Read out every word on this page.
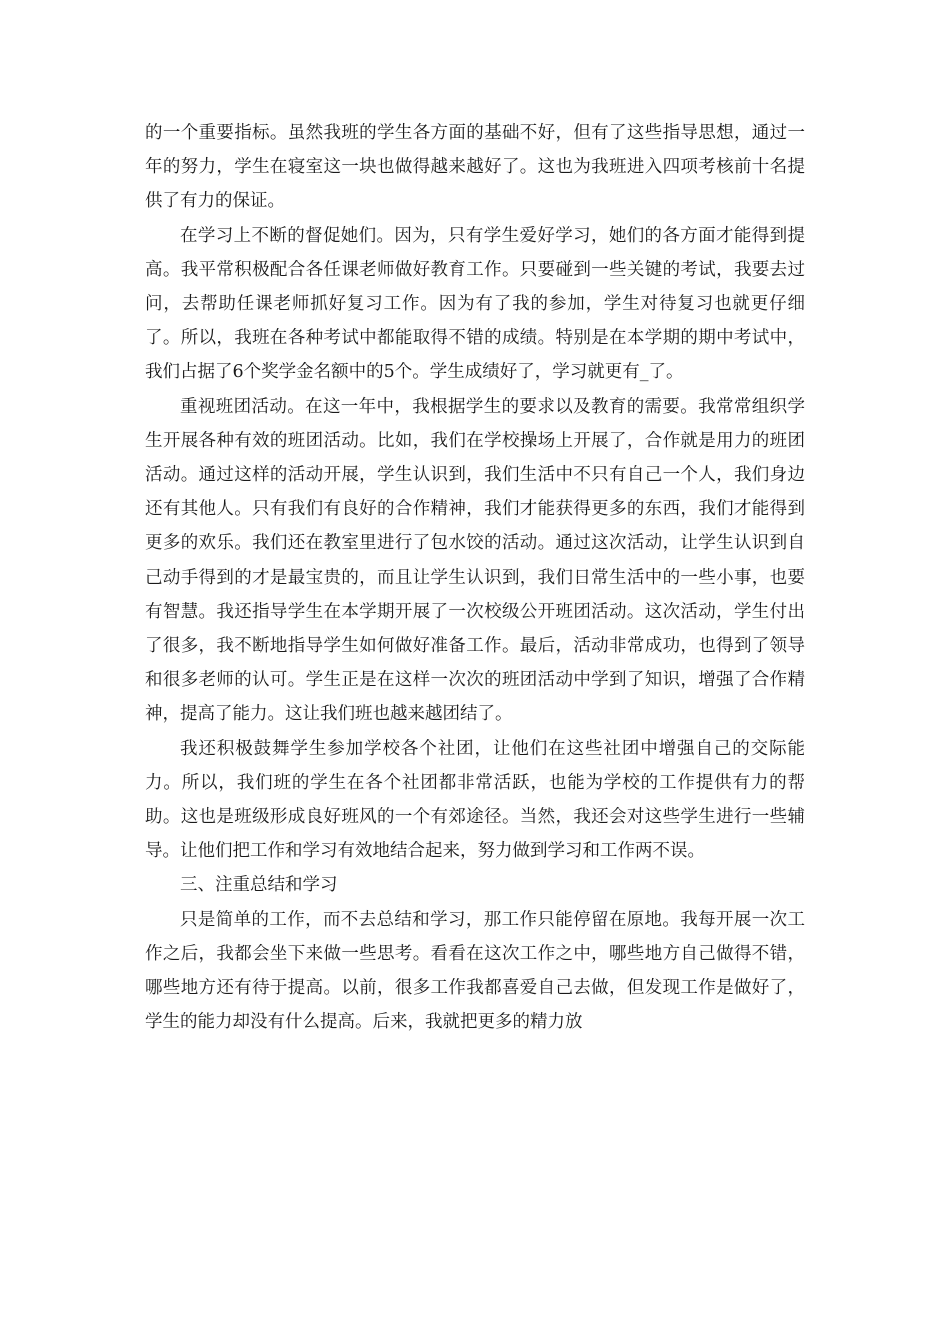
的一个重要指标。虽然我班的学生各方面的基础不好，但有了这些指导思想，通过一年的努力，学生在寝室这一块也做得越来越好了。这也为我班进入四项考核前十名提供了有力的保证。

在学习上不断的督促她们。因为，只有学生爱好学习，她们的各方面才能得到提高。我平常积极配合各任课老师做好教育工作。只要碰到一些关键的考试，我要去过问，去帮助任课老师抓好复习工作。因为有了我的参加，学生对待复习也就更仔细了。所以，我班在各种考试中都能取得不错的成绩。特别是在本学期的期中考试中，我们占据了6个奖学金名额中的5个。学生成绩好了，学习就更有_了。

重视班团活动。在这一年中，我根据学生的要求以及教育的需要。我常常组织学生开展各种有效的班团活动。比如，我们在学校操场上开展了，合作就是用力的班团活动。通过这样的活动开展，学生认识到，我们生活中不只有自己一个人，我们身边还有其他人。只有我们有良好的合作精神，我们才能获得更多的东西，我们才能得到更多的欢乐。我们还在教室里进行了包水饺的活动。通过这次活动，让学生认识到自己动手得到的才是最宝贵的，而且让学生认识到，我们日常生活中的一些小事，也要有智慧。我还指导学生在本学期开展了一次校级公开班团活动。这次活动，学生付出了很多，我不断地指导学生如何做好准备工作。最后，活动非常成功，也得到了领导和很多老师的认可。学生正是在这样一次次的班团活动中学到了知识，增强了合作精神，提高了能力。这让我们班也越来越团结了。

我还积极鼓舞学生参加学校各个社团，让他们在这些社团中增强自己的交际能力。所以，我们班的学生在各个社团都非常活跃，也能为学校的工作提供有力的帮助。这也是班级形成良好班风的一个有郊途径。当然，我还会对这些学生进行一些辅导。让他们把工作和学习有效地结合起来，努力做到学习和工作两不误。

三、注重总结和学习

只是简单的工作，而不去总结和学习，那工作只能停留在原地。我每开展一次工作之后，我都会坐下来做一些思考。看看在这次工作之中，哪些地方自己做得不错，哪些地方还有待于提高。以前，很多工作我都喜爱自己去做，但发现工作是做好了，学生的能力却没有什么提高。后来，我就把更多的精力放
